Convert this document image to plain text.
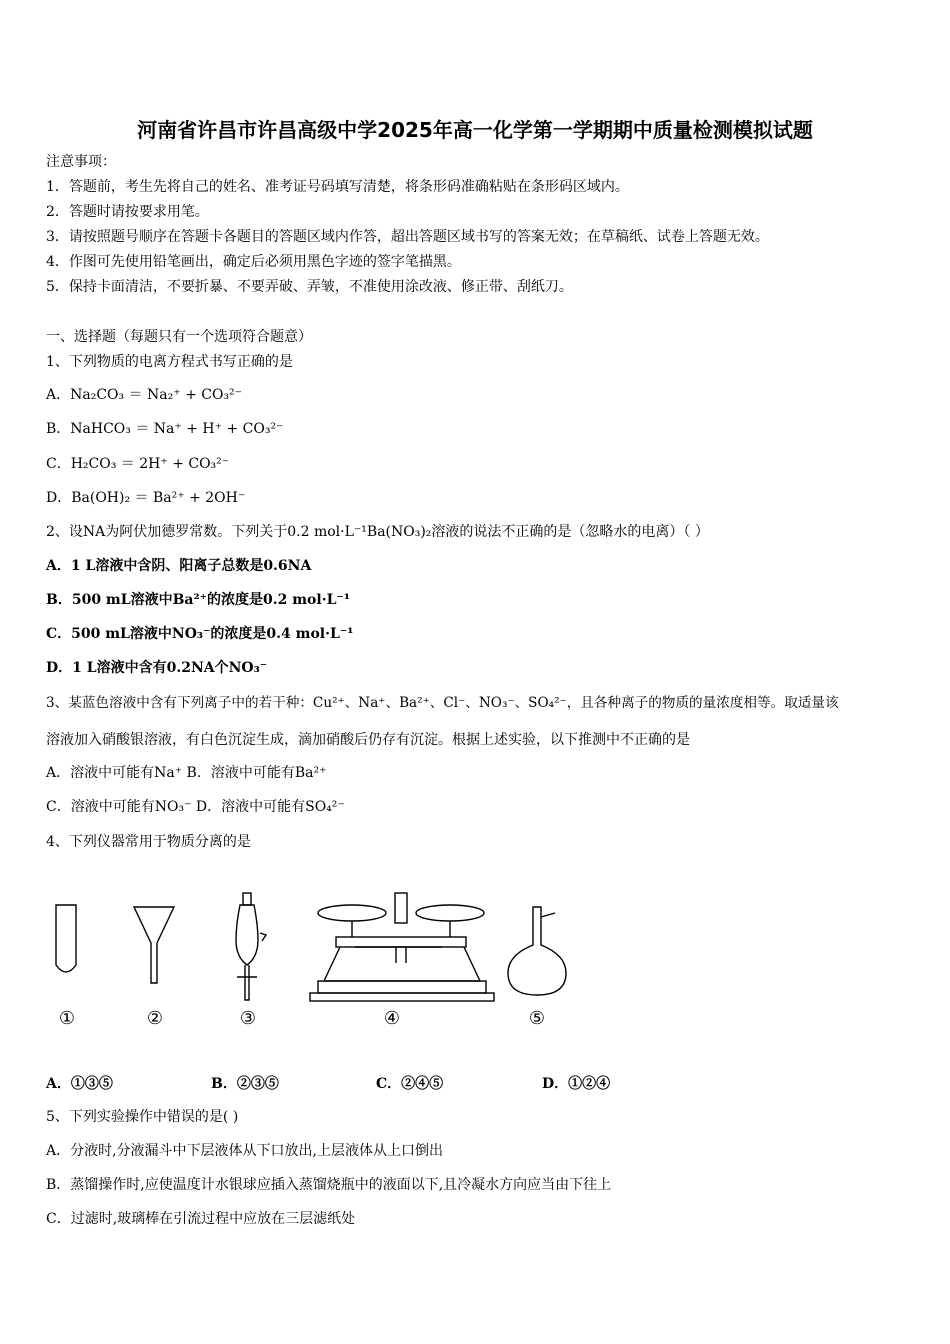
河南省许昌市许昌高级中学2025年高一化学第一学期期中质量检测模拟试题
注意事项：
1．答题前，考生先将自己的姓名、准考证号码填写清楚，将条形码准确粘贴在条形码区域内。
2．答题时请按要求用笔。
3．请按照题号顺序在答题卡各题目的答题区域内作答，超出答题区域书写的答案无效；在草稿纸、试卷上答题无效。
4．作图可先使用铅笔画出，确定后必须用黑色字迹的签字笔描黑。
5．保持卡面清洁，不要折暴、不要弄破、弄皱，不准使用涂改液、修正带、刮纸刀。
一、选择题（每题只有一个选项符合题意）
1、下列物质的电离方程式书写正确的是
A．Na₂CO₃ ＝ Na₂⁺ + CO₃²⁻
B．NaHCO₃ ＝ Na⁺ + H⁺ + CO₃²⁻
C．H₂CO₃ ＝ 2H⁺ + CO₃²⁻
D．Ba(OH)₂ ＝ Ba²⁺ + 2OH⁻
2、设NA为阿伏加德罗常数。下列关于0.2 mol·L⁻¹Ba(NO₃)₂溶液的说法不正确的是（忽略水的电离）（ ）
A．1 L溶液中含阴、阳离子总数是0.6NA
B．500 mL溶液中Ba²⁺的浓度是0.2 mol·L⁻¹
C．500 mL溶液中NO₃⁻的浓度是0.4 mol·L⁻¹
D．1 L溶液中含有0.2NA个NO₃⁻
3、某蓝色溶液中含有下列离子中的若干种：Cu²⁺、Na⁺、Ba²⁺、Cl⁻、NO₃⁻、SO₄²⁻，且各种离子的物质的量浓度相等。取适量该
溶液加入硝酸银溶液，有白色沉淀生成，滴加硝酸后仍存有沉淀。根据上述实验，以下推测中不正确的是
A．溶液中可能有Na⁺ B．溶液中可能有Ba²⁺
C．溶液中可能有NO₃⁻ D．溶液中可能有SO₄²⁻
4、下列仪器常用于物质分离的是
①	②	③	④	⑤
A．①③⑤	B．②③⑤	C．②④⑤	D．①②④
5、下列实验操作中错误的是( )
A．分液时,分液漏斗中下层液体从下口放出,上层液体从上口倒出
B．蒸馏操作时,应使温度计水银球应插入蒸馏烧瓶中的液面以下,且冷凝水方向应当由下往上
C．过滤时,玻璃棒在引流过程中应放在三层滤纸处
